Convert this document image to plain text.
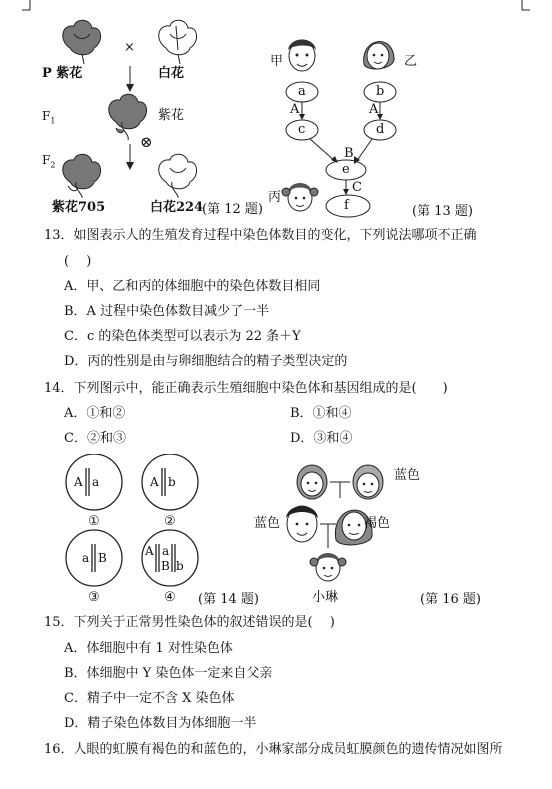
P 紫花
×
白花
$F_1$	紫花
⊗
$F_2$
紫花705	白花224
(第 12 题)
甲	乙
丙
a	b
c	d
e
f
A	A
B
C
(第 13 题)
13．如图表示人的生殖发育过程中染色体数目的变化，下列说法哪项不正确
(　 )
A．甲、乙和丙的体细胞中的染色体数目相同
B．A 过程中染色体数目减少了一半
C．c 的染色体类型可以表示为 22 条＋Y
D．丙的性别是由与卵细胞结合的精子类型决定的
14．下列图示中，能正确表示生殖细胞中染色体和基因组成的是(　　)
A．①和②	B．①和④
C．②和③	D．③和④
A a	A b
a B	A a
B b
①	②
③	④ (第 14 题)
蓝色
蓝色	褐色
小琳	(第 16 题)
15．下列关于正常男性染色体的叙述错误的是(　 )
A．体细胞中有 1 对性染色体
B．体细胞中 Y 染色体一定来自父亲
C．精子中一定不含 X 染色体
D．精子染色体数目为体细胞一半
16．人眼的虹膜有褐色的和蓝色的，小琳家部分成员虹膜颜色的遗传情况如图所
